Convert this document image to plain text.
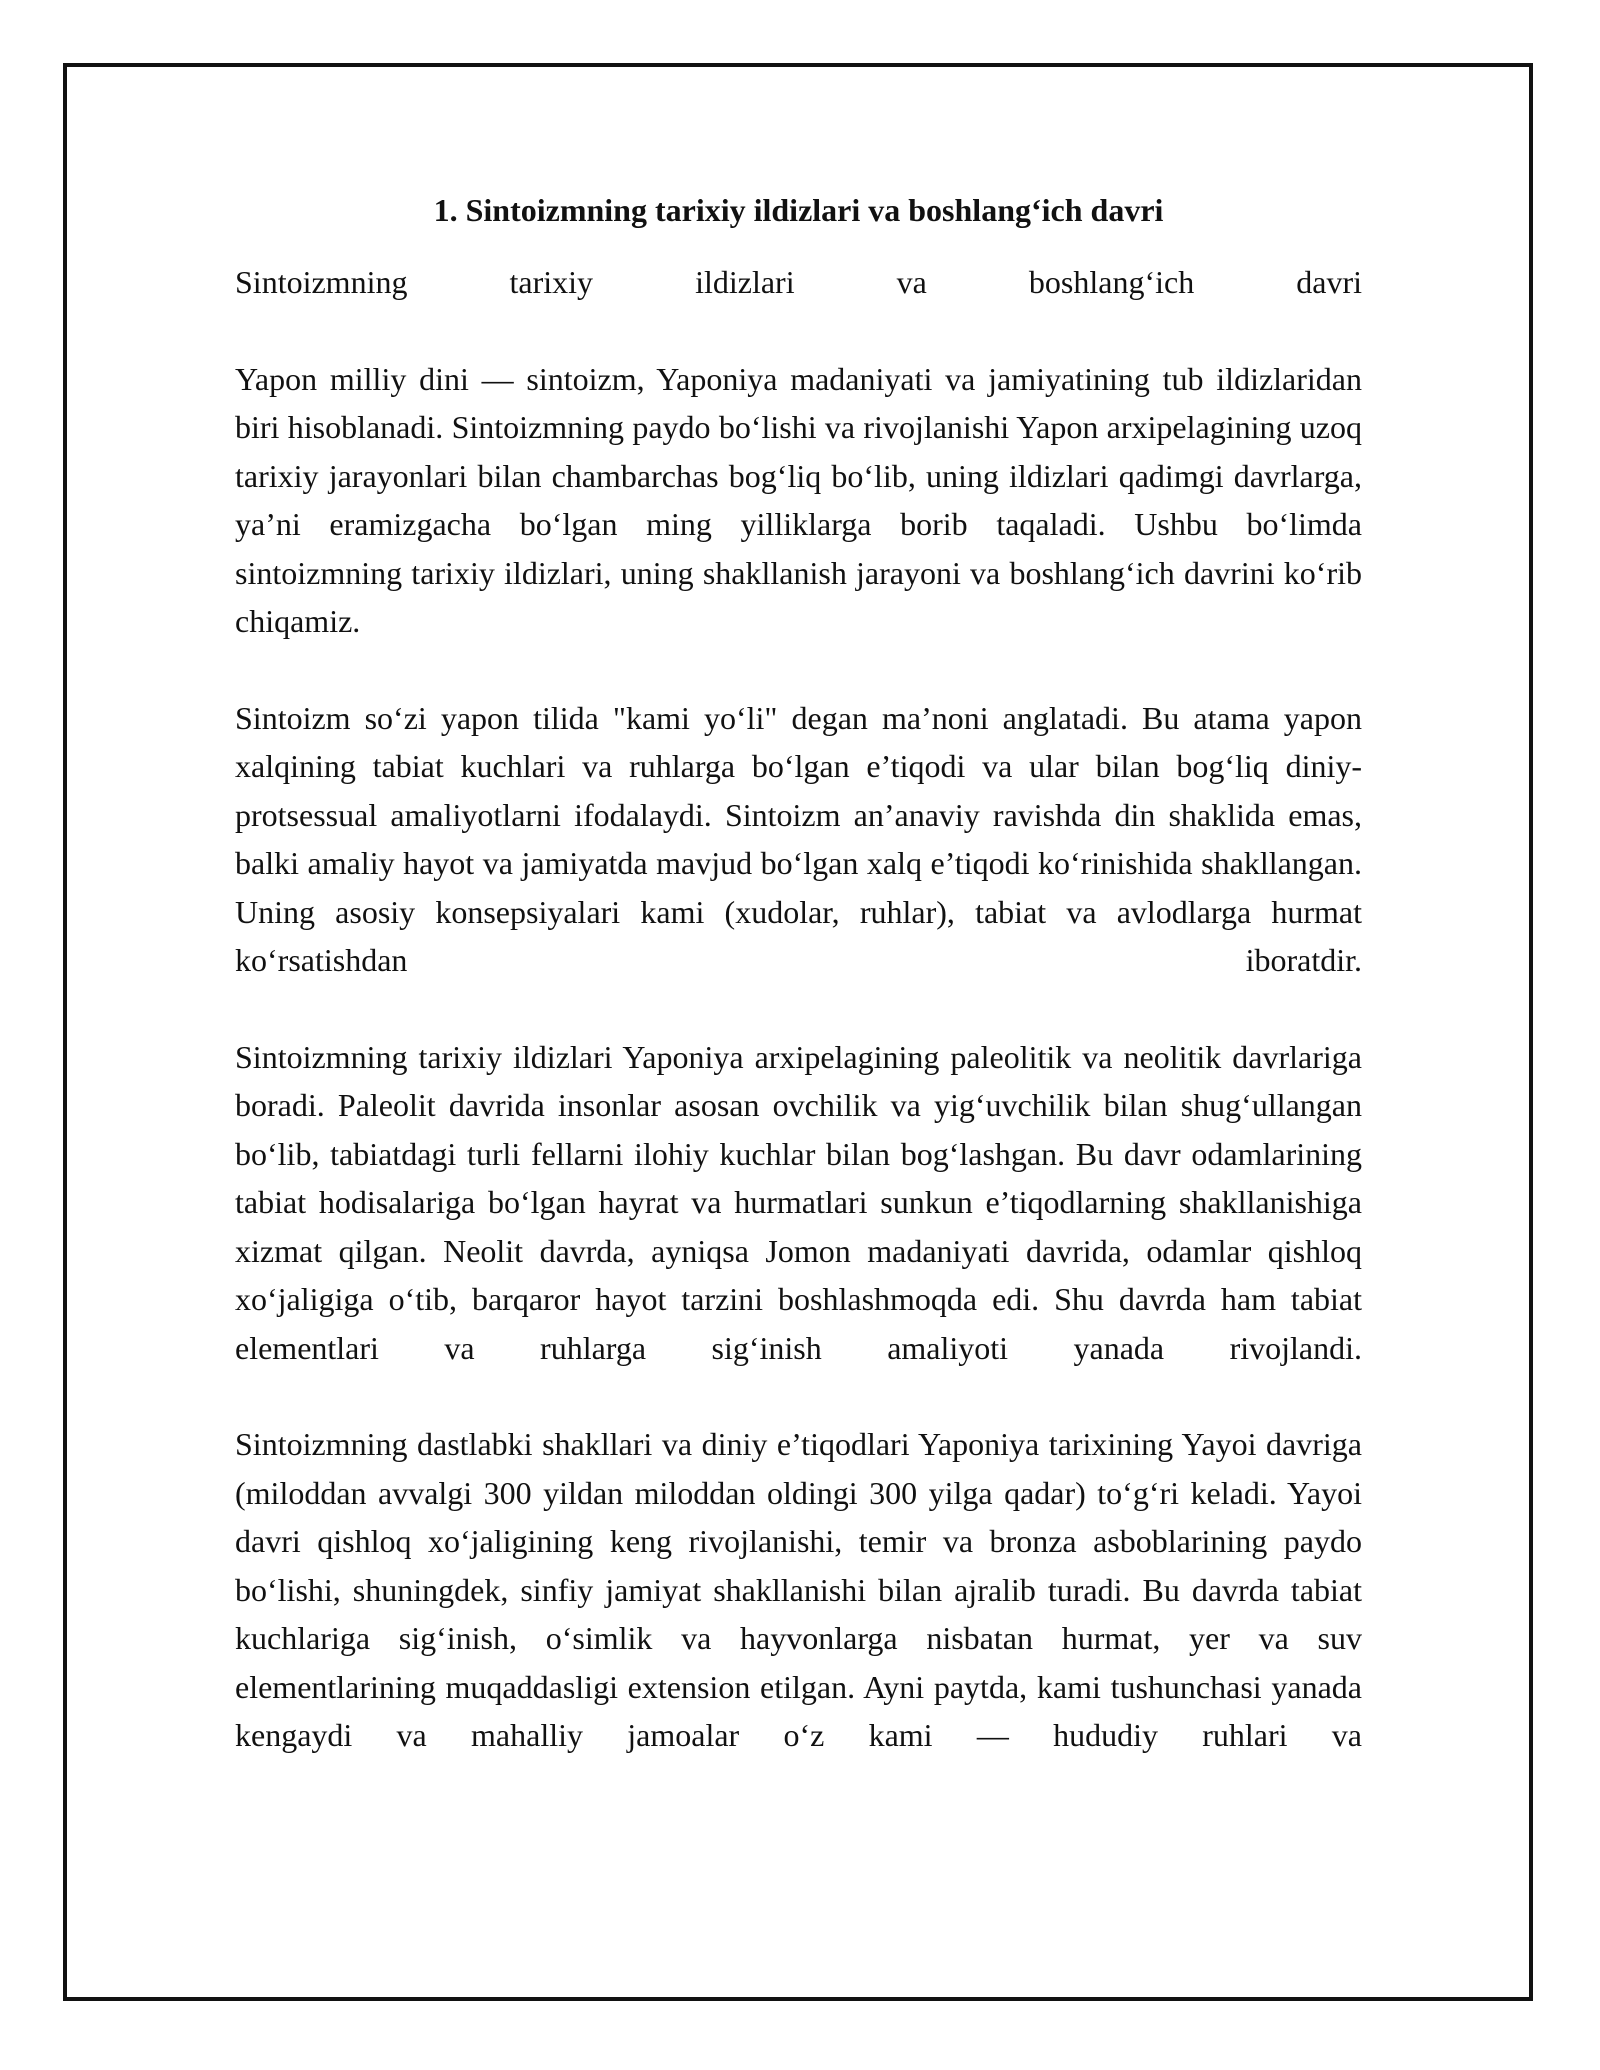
1. Sintoizmning tarixiy ildizlari va boshlang‘ich davri

Sintoizmning tarixiy ildizlari va boshlang‘ich davri

Yapon milliy dini — sintoizm, Yaponiya madaniyati va jamiyatining tub ildizlaridan biri hisoblanadi. Sintoizmning paydo bo‘lishi va rivojlanishi Yapon arxipelagining uzoq tarixiy jarayonlari bilan chambarchas bog‘liq bo‘lib, uning ildizlari qadimgi davrlarga, ya’ni eramizgacha bo‘lgan ming yilliklarga borib taqaladi. Ushbu bo‘limda sintoizmning tarixiy ildizlari, uning shakllanish jarayoni va boshlang‘ich davrini ko‘rib chiqamiz.

Sintoizm so‘zi yapon tilida "kami yo‘li" degan ma’noni anglatadi. Bu atama yapon xalqining tabiat kuchlari va ruhlarga bo‘lgan e’tiqodi va ular bilan bog‘liq diniy-protsessual amaliyotlarni ifodalaydi. Sintoizm an’anaviy ravishda din shaklida emas, balki amaliy hayot va jamiyatda mavjud bo‘lgan xalq e’tiqodi ko‘rinishida shakllangan. Uning asosiy konsepsiyalari kami (xudolar, ruhlar), tabiat va avlodlarga hurmat ko‘rsatishdan iboratdir.

Sintoizmning tarixiy ildizlari Yaponiya arxipelagining paleolitik va neolitik davrlariga boradi. Paleolit davrida insonlar asosan ovchilik va yig‘uvchilik bilan shug‘ullangan bo‘lib, tabiatdagi turli fellarni ilohiy kuchlar bilan bog‘lashgan. Bu davr odamlarining tabiat hodisalariga bo‘lgan hayrat va hurmatlari sunkun e’tiqodlarning shakllanishiga xizmat qilgan. Neolit davrda, ayniqsa Jomon madaniyati davrida, odamlar qishloq xo‘jaligiga o‘tib, barqaror hayot tarzini boshlashmoqda edi. Shu davrda ham tabiat elementlari va ruhlarga sig‘inish amaliyoti yanada rivojlandi.

Sintoizmning dastlabki shakllari va diniy e’tiqodlari Yaponiya tarixining Yayoi davriga (miloddan avvalgi 300 yildan miloddan oldingi 300 yilga qadar) to‘g‘ri keladi. Yayoi davri qishloq xo‘jaligining keng rivojlanishi, temir va bronza asboblarining paydo bo‘lishi, shuningdek, sinfiy jamiyat shakllanishi bilan ajralib turadi. Bu davrda tabiat kuchlariga sig‘inish, o‘simlik va hayvonlarga nisbatan hurmat, yer va suv elementlarining muqaddasligi extension etilgan. Ayni paytda, kami tushunchasi yanada kengaydi va mahalliy jamoalar o‘z kami — hududiy ruhlari va
